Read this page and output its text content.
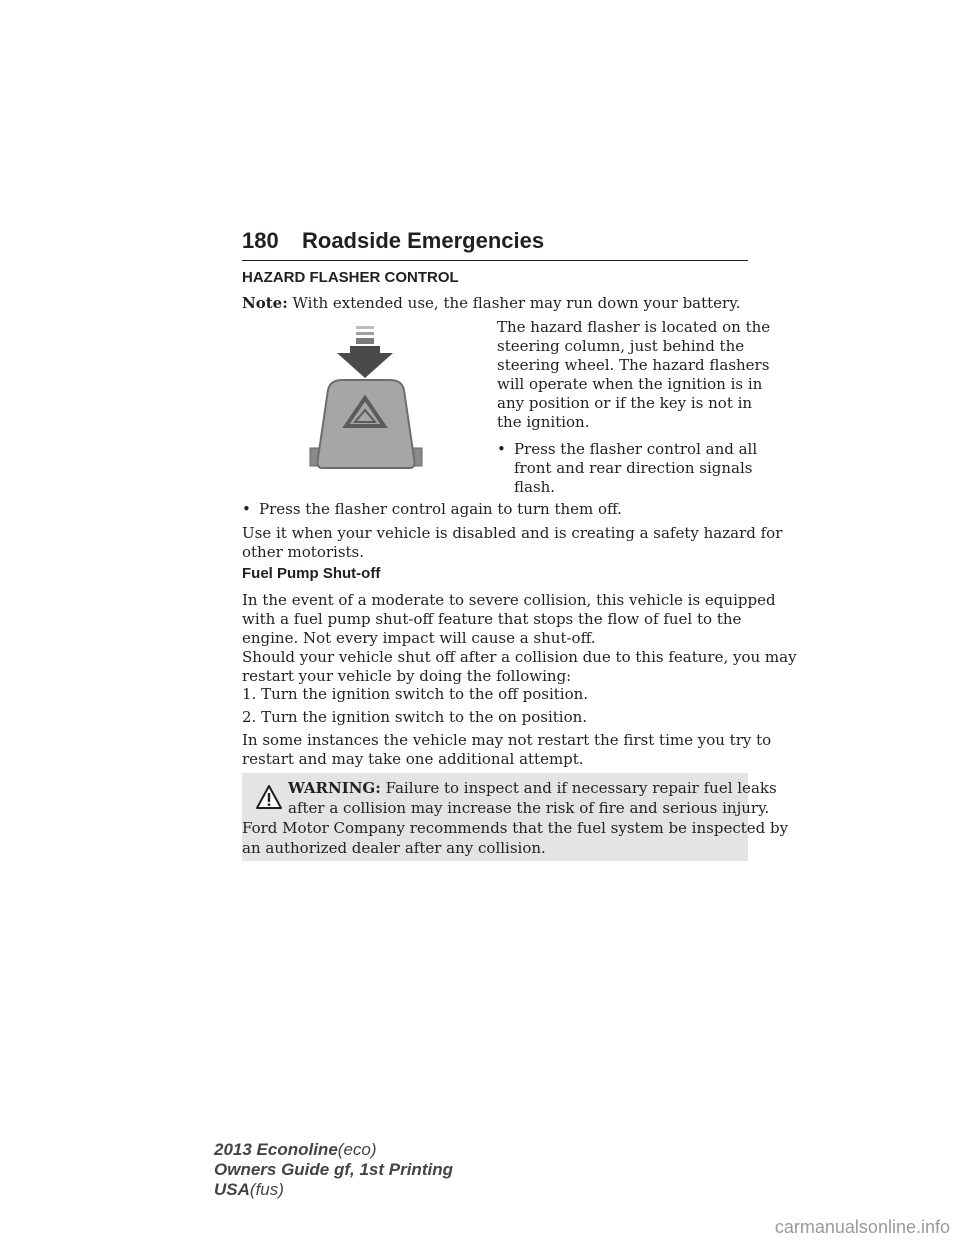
180 Roadside Emergencies
HAZARD FLASHER CONTROL
Note: With extended use, the flasher may run down your battery.
The hazard flasher is located on the
steering column, just behind the
steering wheel. The hazard flashers
will operate when the ignition is in
any position or if the key is not in
the ignition.
• Press the flasher control and all
front and rear direction signals
flash.
• Press the flasher control again to turn them off.
Use it when your vehicle is disabled and is creating a safety hazard for
other motorists.
Fuel Pump Shut-off
In the event of a moderate to severe collision, this vehicle is equipped
with a fuel pump shut-off feature that stops the flow of fuel to the
engine. Not every impact will cause a shut-off.
Should your vehicle shut off after a collision due to this feature, you may
restart your vehicle by doing the following:
1. Turn the ignition switch to the off position.
2. Turn the ignition switch to the on position.
In some instances the vehicle may not restart the first time you try to
restart and may take one additional attempt.
WARNING: Failure to inspect and if necessary repair fuel leaks
after a collision may increase the risk of fire and serious injury.
Ford Motor Company recommends that the fuel system be inspected by
an authorized dealer after any collision.
2013 Econoline(eco)
Owners Guide gf, 1st Printing
USA(fus)
carmanualsonline.info
